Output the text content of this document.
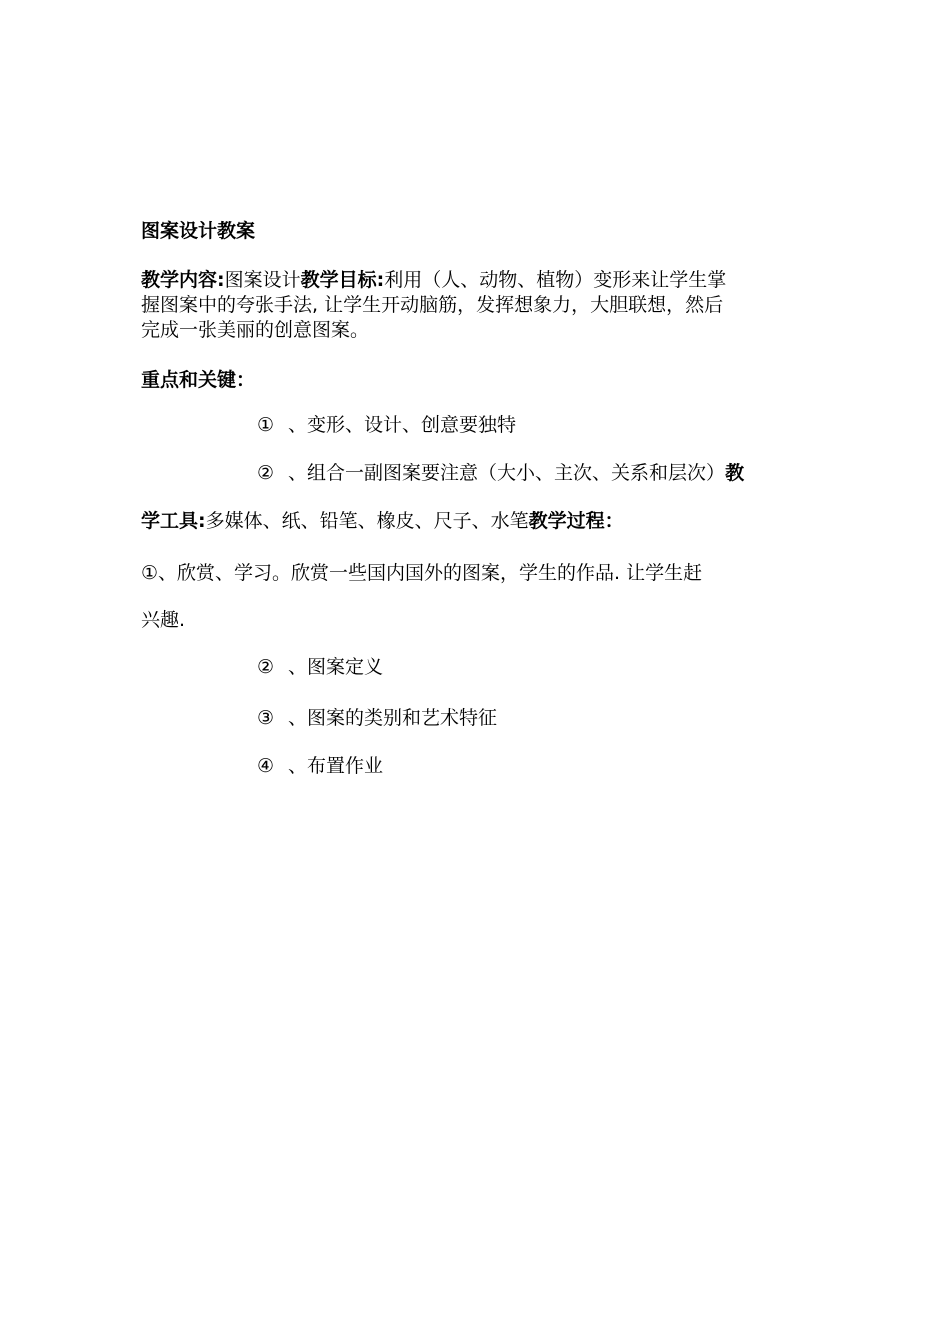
图案设计教案
教学内容:图案设计教学目标:利用（人、动物、植物）变形来让学生掌
握图案中的夸张手法, 让学生开动脑筋，发挥想象力，大胆联想，然后
完成一张美丽的创意图案。
重点和关键：
① 、变形、设计、创意要独特
② 、组合一副图案要注意（大小、主次、关系和层次）教
学工具:多媒体、纸、铅笔、橡皮、尺子、水笔教学过程：
①、欣赏、学习。欣赏一些国内国外的图案，学生的作品. 让学生赶
兴趣.
② 、图案定义
③ 、图案的类别和艺术特征
④ 、布置作业
